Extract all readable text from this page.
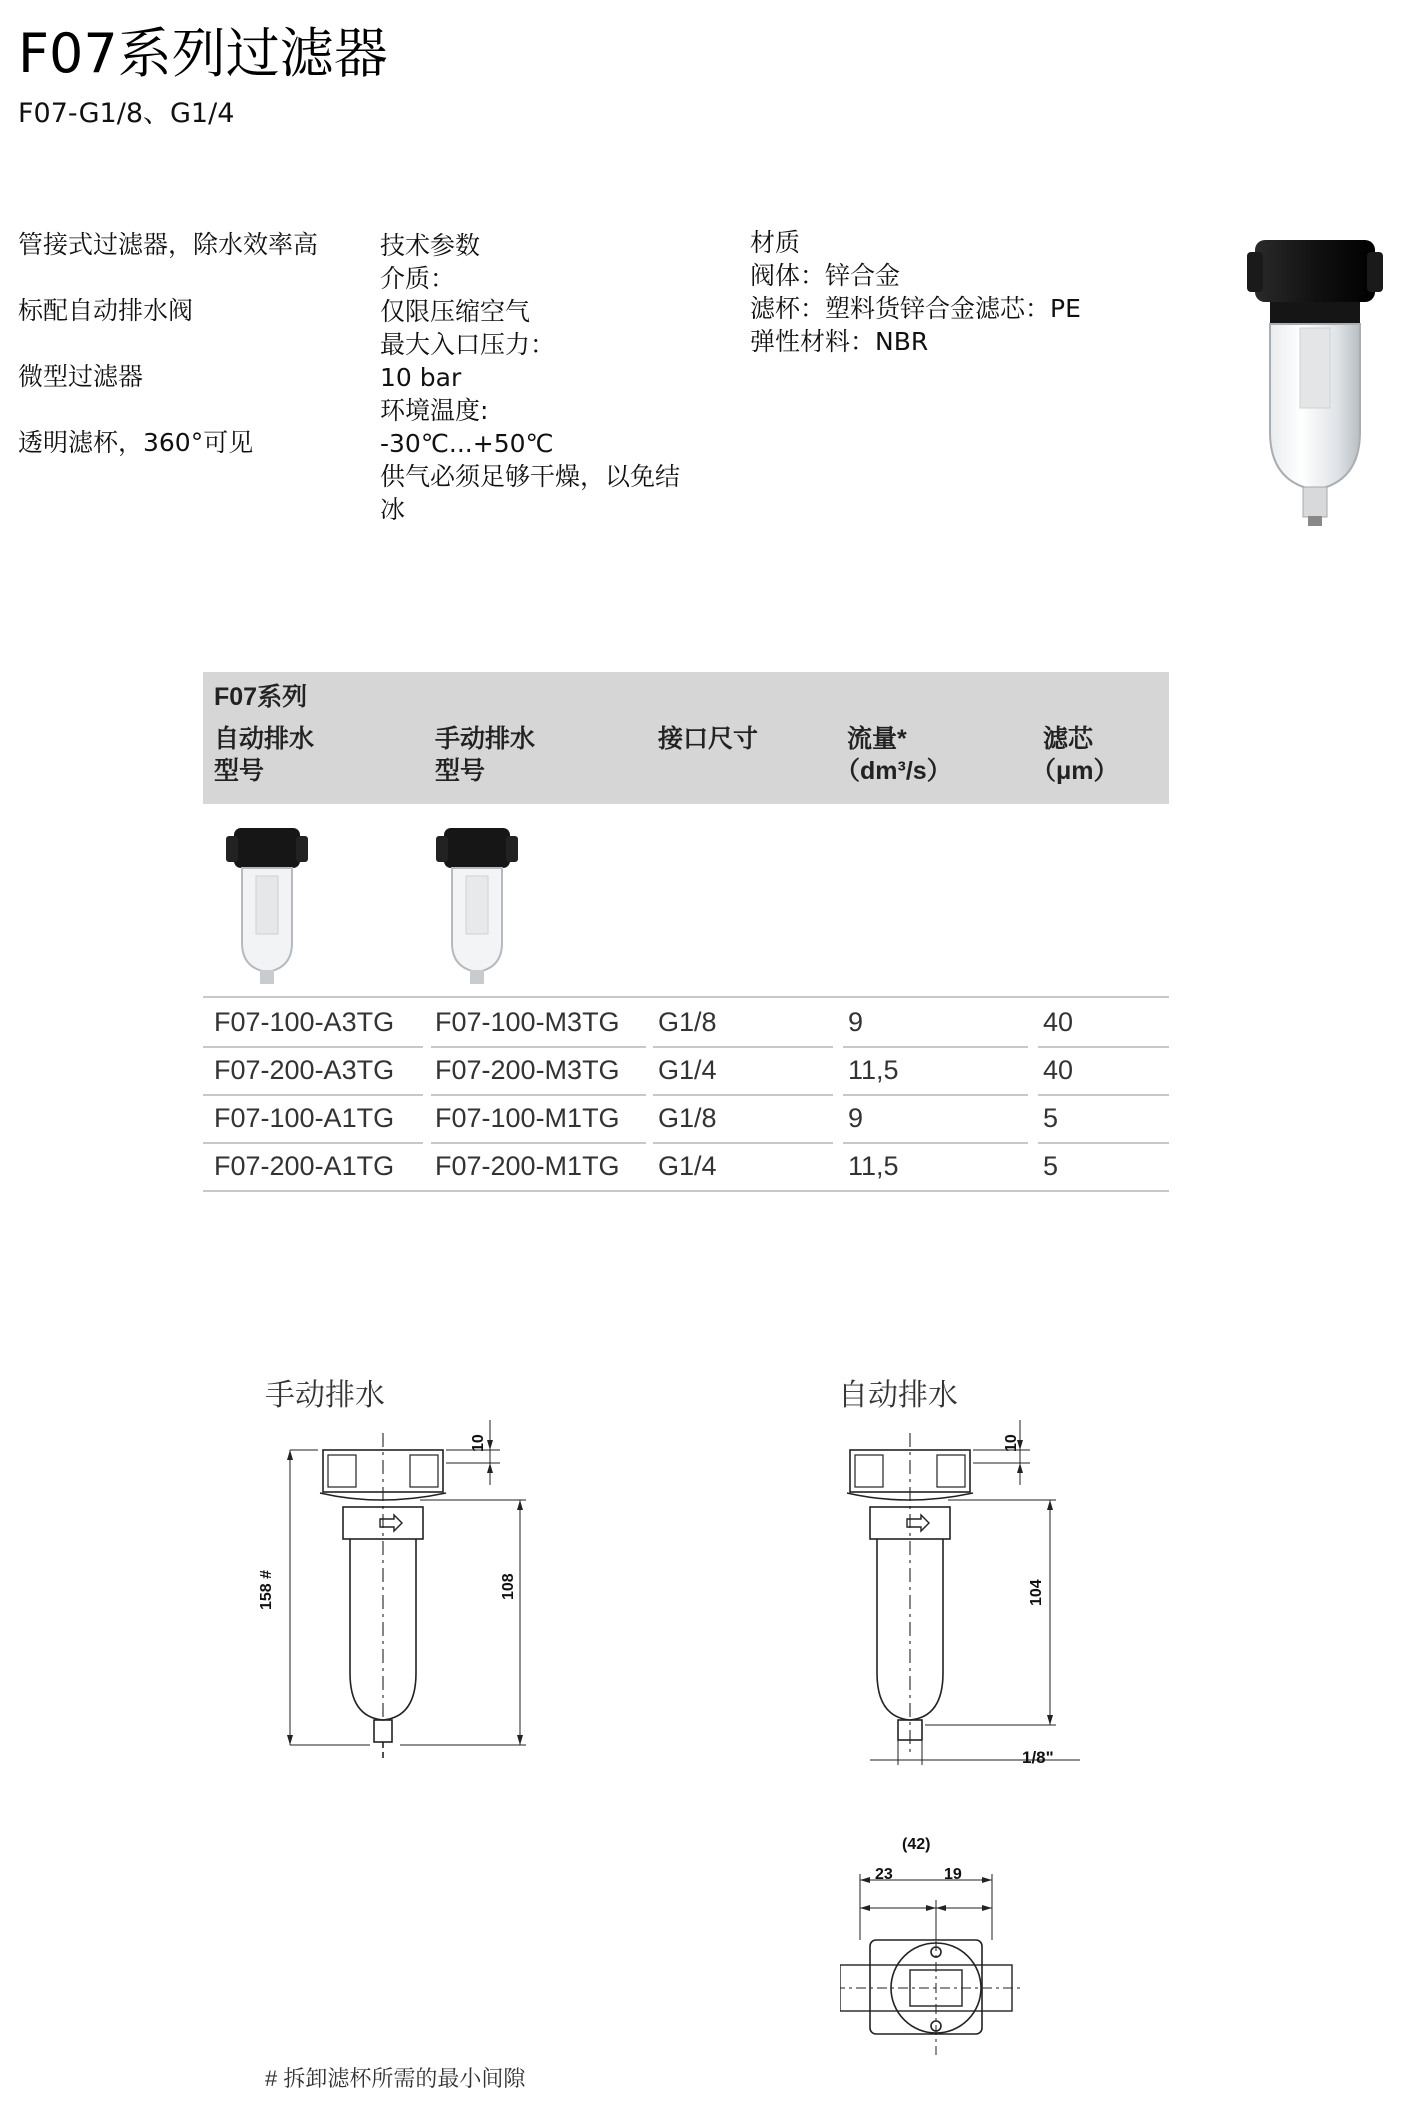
F07系列过滤器
F07-G1/8、G1/4
管接式过滤器，除水效率高
标配自动排水阀
微型过滤器
透明滤杯，360°可见
技术参数
介质：
仅限压缩空气
最大入口压力：
10 bar
环境温度:
-30℃...+50℃
供气必须足够干燥，以免结
冰
材质
阀体：锌合金
滤杯：塑料货锌合金滤芯：PE
弹性材料：NBR
F07系列
自动排水
型号
手动排水
型号
接口尺寸	流量*
（dm³/s）
滤芯
（μm）
F07-100-A3TG F07-100-M3TG G1/8	9	40
F07-200-A3TG F07-200-M3TG G1/4	11,5	40
F07-100-A1TG F07-100-M1TG G1/8	9	5
F07-200-A1TG F07-200-M1TG G1/4	11,5	5
手动排水	自动排水
158 #
10
108
10
104
1/8"
(42)
23	19
# 拆卸滤杯所需的最小间隙
